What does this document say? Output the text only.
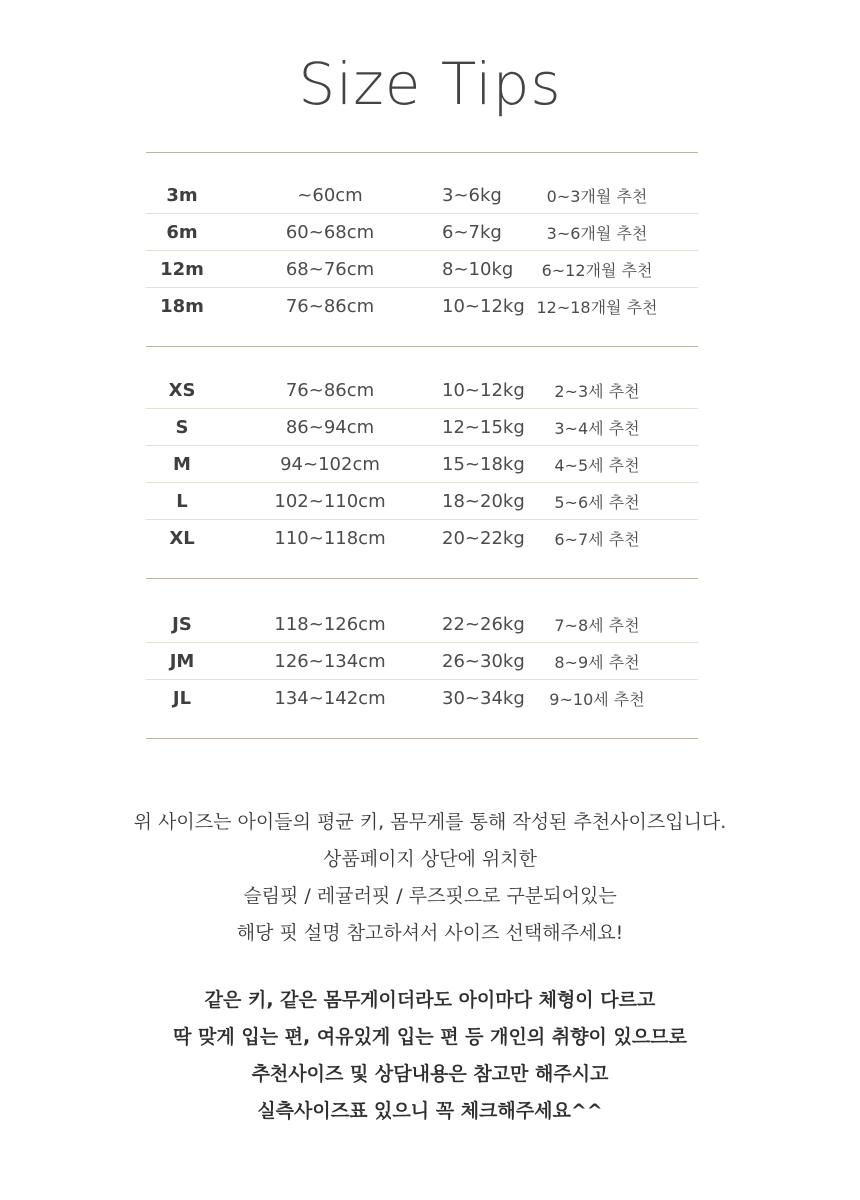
Size Tips
3m	~60cm	3~6kg	0~3개월 추천
6m	60~68cm	6~7kg	3~6개월 추천
12m	68~76cm	8~10kg	6~12개월 추천
18m	76~86cm	10~12kg 12~18개월 추천
XS	76~86cm	10~12kg	2~3세 추천
S	86~94cm	12~15kg	3~4세 추천
M	94~102cm	15~18kg	4~5세 추천
L	102~110cm	18~20kg	5~6세 추천
XL	110~118cm	20~22kg	6~7세 추천
JS	118~126cm	22~26kg	7~8세 추천
JM	126~134cm	26~30kg	8~9세 추천
JL	134~142cm	30~34kg	9~10세 추천
위 사이즈는 아이들의 평균 키, 몸무게를 통해 작성된 추천사이즈입니다.
상품페이지 상단에 위치한
슬림핏 / 레귤러핏 / 루즈핏으로 구분되어있는
해당 핏 설명 참고하셔서 사이즈 선택해주세요!
같은 키, 같은 몸무게이더라도 아이마다 체형이 다르고
딱 맞게 입는 편, 여유있게 입는 편 등 개인의 취향이 있으므로
추천사이즈 및 상담내용은 참고만 해주시고
실측사이즈표 있으니 꼭 체크해주세요^^
